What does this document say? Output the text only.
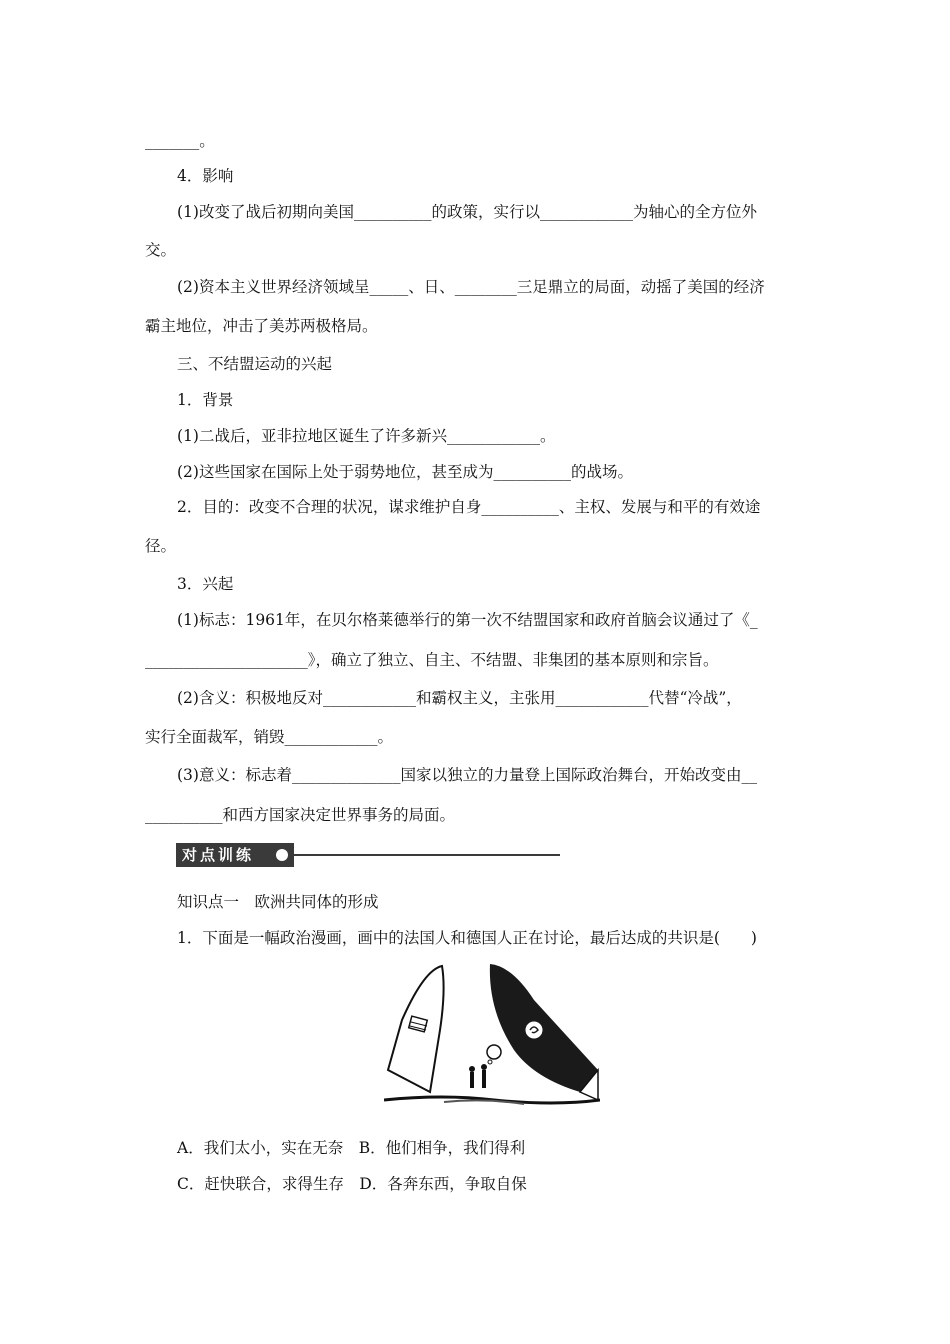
_______。
4．影响
(1)改变了战后初期向美国__________的政策，实行以____________为轴心的全方位外
交。
(2)资本主义世界经济领域呈_____、日、________三足鼎立的局面，动摇了美国的经济
霸主地位，冲击了美苏两极格局。
三、不结盟运动的兴起
1．背景
(1)二战后，亚非拉地区诞生了许多新兴____________。
(2)这些国家在国际上处于弱势地位，甚至成为__________的战场。
2．目的：改变不合理的状况，谋求维护自身__________、主权、发展与和平的有效途
径。
3．兴起
(1)标志：1961年，在贝尔格莱德举行的第一次不结盟国家和政府首脑会议通过了《_
_____________________》，确立了独立、自主、不结盟、非集团的基本原则和宗旨。
(2)含义：积极地反对____________和霸权主义，主张用____________代替“冷战”，
实行全面裁军，销毁____________。
(3)意义：标志着______________国家以独立的力量登上国际政治舞台，开始改变由__
__________和西方国家决定世界事务的局面。
知识点一　欧洲共同体的形成
1．下面是一幅政治漫画，画中的法国人和德国人正在讨论，最后达成的共识是(　　)
A．我们太小，实在无奈　B．他们相争，我们得利
C．赶快联合，求得生存　D．各奔东西，争取自保
对点训练
